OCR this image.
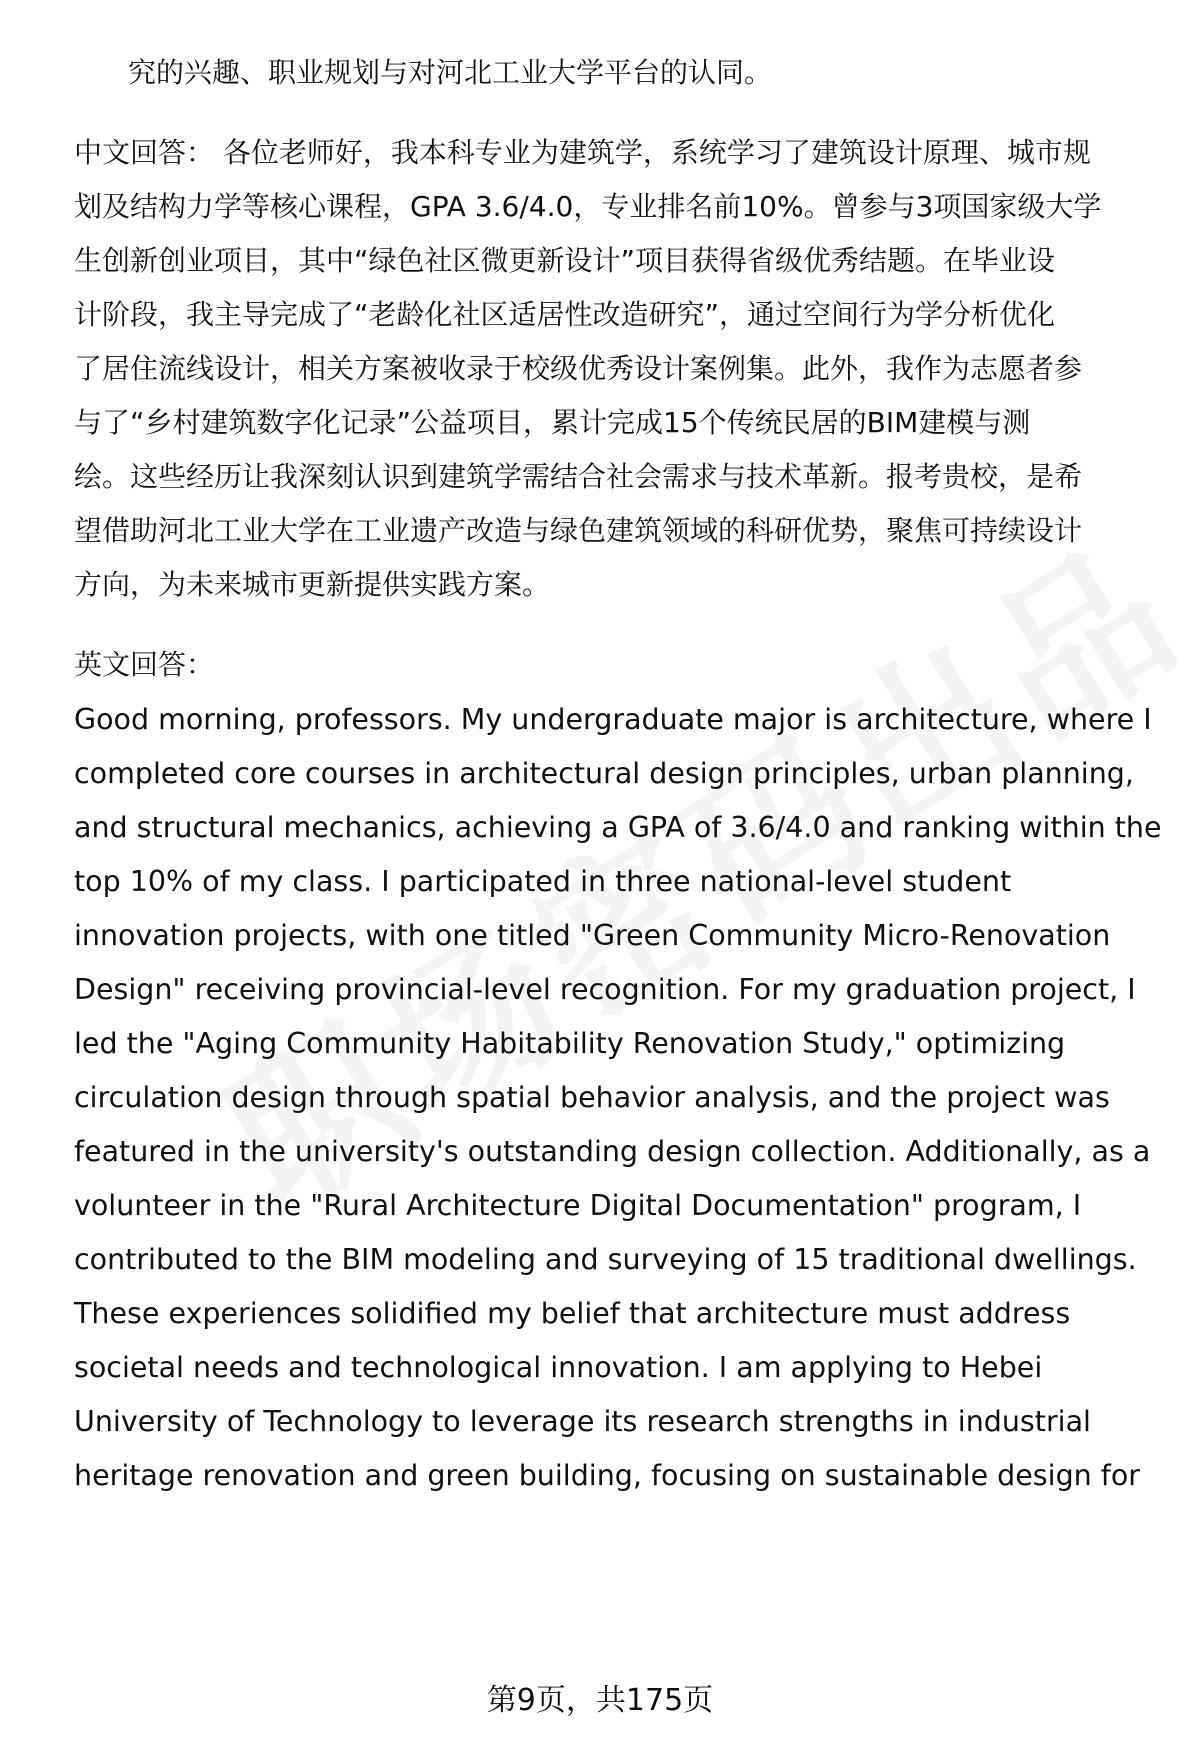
究的兴趣、职业规划与对河北工业大学平台的认同。
中文回答： 各位老师好，我本科专业为建筑学，系统学习了建筑设计原理、城市规
划及结构力学等核心课程，GPA 3.6/4.0，专业排名前10%。曾参与3项国家级大学
生创新创业项目，其中“绿色社区微更新设计”项目获得省级优秀结题。在毕业设
计阶段，我主导完成了“老龄化社区适居性改造研究”，通过空间行为学分析优化
了居住流线设计，相关方案被收录于校级优秀设计案例集。此外，我作为志愿者参
与了“乡村建筑数字化记录”公益项目，累计完成15个传统民居的BIM建模与测
绘。这些经历让我深刻认识到建筑学需结合社会需求与技术革新。报考贵校，是希
望借助河北工业大学在工业遗产改造与绿色建筑领域的科研优势，聚焦可持续设计
方向，为未来城市更新提供实践方案。
英文回答：
Good morning, professors. My undergraduate major is architecture, where I
completed core courses in architectural design principles, urban planning,
and structural mechanics, achieving a GPA of 3.6/4.0 and ranking within the
top 10% of my class. I participated in three national-level student
innovation projects, with one titled "Green Community Micro-Renovation
Design" receiving provincial-level recognition. For my graduation project, I
led the "Aging Community Habitability Renovation Study," optimizing
circulation design through spatial behavior analysis, and the project was
featured in the university's outstanding design collection. Additionally, as a
volunteer in the "Rural Architecture Digital Documentation" program, I
contributed to the BIM modeling and surveying of 15 traditional dwellings.
These experiences solidified my belief that architecture must address
societal needs and technological innovation. I am applying to Hebei
University of Technology to leverage its research strengths in industrial
heritage renovation and green building, focusing on sustainable design for
第9页，共175页
